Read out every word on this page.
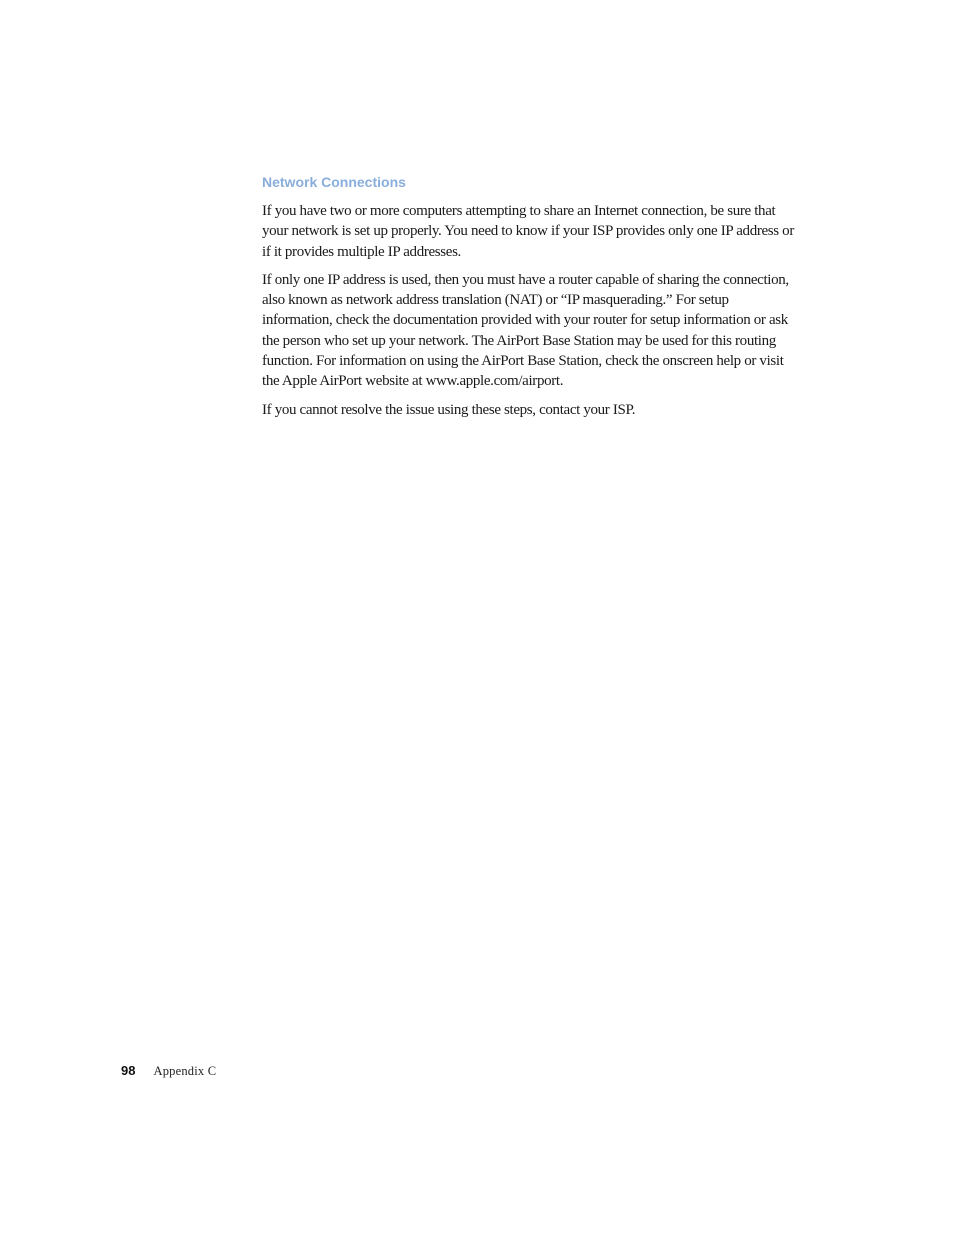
Network Connections

If you have two or more computers attempting to share an Internet connection, be sure that your network is set up properly. You need to know if your ISP provides only one IP address or if it provides multiple IP addresses.

If only one IP address is used, then you must have a router capable of sharing the connection, also known as network address translation (NAT) or “IP masquerading.” For setup information, check the documentation provided with your router for setup information or ask the person who set up your network. The AirPort Base Station may be used for this routing function. For information on using the AirPort Base Station, check the onscreen help or visit the Apple AirPort website at www.apple.com/airport.

If you cannot resolve the issue using these steps, contact your ISP.

98 Appendix C
